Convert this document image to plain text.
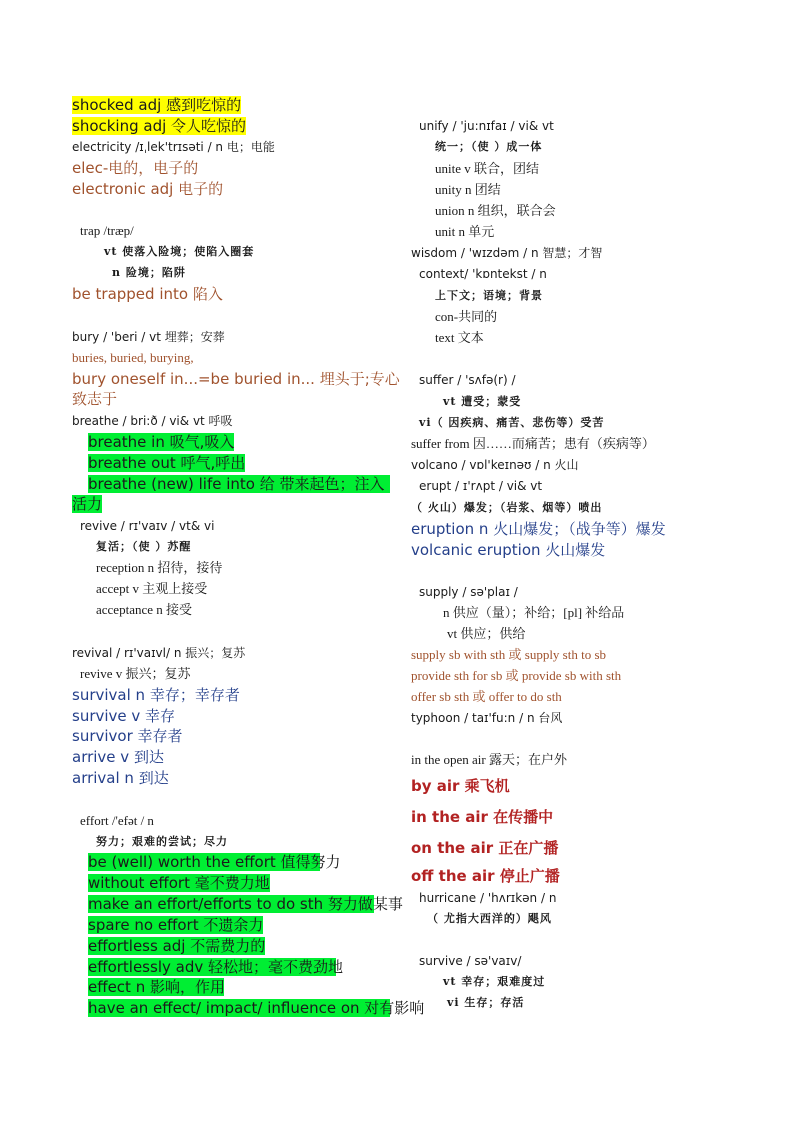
shocked adj 感到吃惊的
shocking adj 令人吃惊的
electricity /ɪˌlek'trɪsəti / n 电；电能
elec-电的，电子的
electronic adj 电子的
trap /træp/
vt 使落入险境；使陷入圈套
n 险境；陷阱
be trapped into 陷入
bury / 'beri / vt 埋葬；安葬
buries, buried, burying,
bury oneself in...=be buried in... 埋头于;专心
致志于
breathe / bri:ð / vi& vt 呼吸
breathe in 吸气,吸入
breathe out 呼气,呼出
breathe (new) life into 给 带来起色；注入
活力
revive / rɪ'vaɪv / vt& vi
复活；（使 ）苏醒
reception n 招待，接待
accept v 主观上接受
acceptance n 接受
revival / rɪ'vaɪvl/ n 振兴；复苏
revive v 振兴；复苏
survival n 幸存；幸存者
survive v 幸存
survivor 幸存者
arrive v 到达
arrival n 到达
effort /'efət / n
努力；艰难的尝试；尽力
be (well) worth the effort 值得努力
without effort 毫不费力地
make an effort/efforts to do sth 努力做某事
spare no effort 不遗余力
effortless adj 不需费力的
effortlessly adv 轻松地；毫不费劲地
effect n 影响，作用
have an effect/ impact/ influence on 对有影响
unify / 'ju:nɪfaɪ / vi& vt
统一；（使 ）成一体
unite v 联合，团结
unity n 团结
union n 组织，联合会
unit n 单元
wisdom / 'wɪzdəm / n 智慧；才智
context/ 'kɒntekst / n
上下文；语境；背景
con-共同的
text 文本
suffer / 'sʌfə(r) /
vt 遭受；蒙受
vi（ 因疾病、痛苦、悲伤等）受苦
suffer from 因……而痛苦；患有（疾病等）
volcano / vɒl'keɪnəʊ / n 火山
erupt / ɪ'rʌpt / vi& vt
（ 火山）爆发；（岩浆、烟等）喷出
eruption n 火山爆发；（战争等）爆发
volcanic eruption 火山爆发
supply / sə'plaɪ /
n 供应（量）；补给；[pl] 补给品
vt 供应；供给
supply sb with sth 或 supply sth to sb
provide sth for sb 或 provide sb with sth
offer sb sth 或 offer to do sth
typhoon / taɪ'fu:n / n 台风
in the open air 露天；在户外
by air 乘飞机
in the air 在传播中
on the air 正在广播
off the air 停止广播
hurricane / 'hʌrɪkən / n
（ 尤指大西洋的）飓风
survive / sə'vaɪv/
vt 幸存；艰难度过
vi 生存；存活
